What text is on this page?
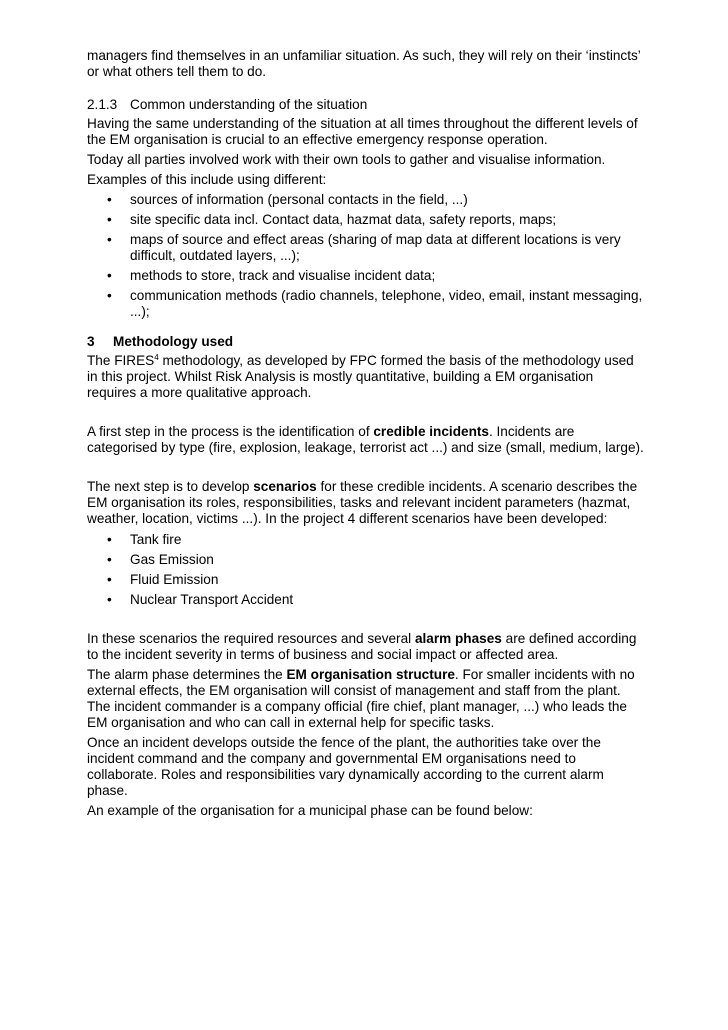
managers find themselves in an unfamiliar situation. As such, they will rely on their ‘instincts’
or what others tell them to do.

2.1.3 Common understanding of the situation

Having the same understanding of the situation at all times throughout the different levels of
the EM organisation is crucial to an effective emergency response operation.

Today all parties involved work with their own tools to gather and visualise information.

Examples of this include using different:

• sources of information (personal contacts in the field, ...)
• site specific data incl. Contact data, hazmat data, safety reports, maps;
• maps of source and effect areas (sharing of map data at different locations is very
difficult, outdated layers, ...);
• methods to store, track and visualise incident data;
• communication methods (radio channels, telephone, video, email, instant messaging,
...);

3 Methodology used

The FIRES$^4$ methodology, as developed by FPC formed the basis of the methodology used
in this project. Whilst Risk Analysis is mostly quantitative, building a EM organisation
requires a more qualitative approach.

A first step in the process is the identification of credible incidents. Incidents are
categorised by type (fire, explosion, leakage, terrorist act ...) and size (small, medium, large).

The next step is to develop scenarios for these credible incidents. A scenario describes the
EM organisation its roles, responsibilities, tasks and relevant incident parameters (hazmat,
weather, location, victims ...). In the project 4 different scenarios have been developed:

• Tank fire
• Gas Emission
• Fluid Emission
• Nuclear Transport Accident

In these scenarios the required resources and several alarm phases are defined according
to the incident severity in terms of business and social impact or affected area.

The alarm phase determines the EM organisation structure. For smaller incidents with no
external effects, the EM organisation will consist of management and staff from the plant.
The incident commander is a company official (fire chief, plant manager, ...) who leads the
EM organisation and who can call in external help for specific tasks.

Once an incident develops outside the fence of the plant, the authorities take over the
incident command and the company and governmental EM organisations need to
collaborate. Roles and responsibilities vary dynamically according to the current alarm
phase.

An example of the organisation for a municipal phase can be found below:
